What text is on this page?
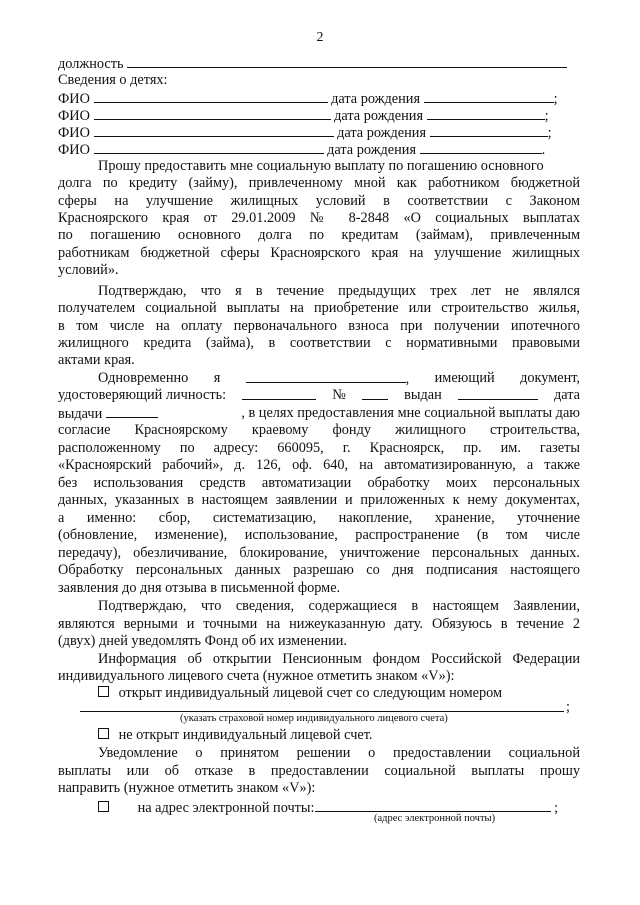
2
должность
Сведения о детях:
ФИО	дата рождения	;
ФИО	дата рождения	;
ФИО	дата рождения	;
ФИО	дата рождения	.
Прошу предоставить мне социальную выплату по погашению основного
долга по кредиту (займу), привлеченному мной как работником бюджетной
сферы на улучшение жилищных условий в соответствии с Законом
Красноярского края от 29.01.2009 № 8-2848 «О социальных выплатах
по погашению основного долга по кредитам (займам), привлеченным
работникам бюджетной сферы Красноярского края на улучшение жилищных
условий».
Подтверждаю, что я в течение предыдущих трех лет не являлся
получателем социальной выплаты на приобретение или строительство жилья,
в том числе на оплату первоначального взноса при получении ипотечного
жилищного кредита (займа), в соответствии с нормативными правовыми
актами края.
Одновременно я	, имеющий документ,
удостоверяющий личность:	№	выдан	дата
выдачи	, в целях предоставления мне социальной выплаты даю
согласие Красноярскому краевому фонду жилищного строительства,
расположенному по адресу: 660095, г. Красноярск, пр. им. газеты
«Красноярский рабочий», д. 126, оф. 640, на автоматизированную, а также
без использования средств автоматизации обработку моих персональных
данных, указанных в настоящем заявлении и приложенных к нему документах,
а именно: сбор, систематизацию, накопление, хранение, уточнение
(обновление, изменение), использование, распространение (в том числе
передачу), обезличивание, блокирование, уничтожение персональных данных.
Обработку персональных данных разрешаю со дня подписания настоящего
заявления до дня отзыва в письменной форме.
Подтверждаю, что сведения, содержащиеся в настоящем Заявлении,
являются верными и точными на нижеуказанную дату. Обязуюсь в течение 2
(двух) дней уведомлять Фонд об их изменении.
Информация об открытии Пенсионным фондом Российской Федерации
индивидуального лицевого счета (нужное отметить знаком «V»):
открыт индивидуальный лицевой счет со следующим номером
;
(указать страховой номер индивидуального лицевого счета)
не открыт индивидуальный лицевой счет.
Уведомление о принятом решении о предоставлении социальной
выплаты или об отказе в предоставлении социальной выплаты прошу
направить (нужное отметить знаком «V»):
на адрес электронной почты:	;
(адрес электронной почты)
